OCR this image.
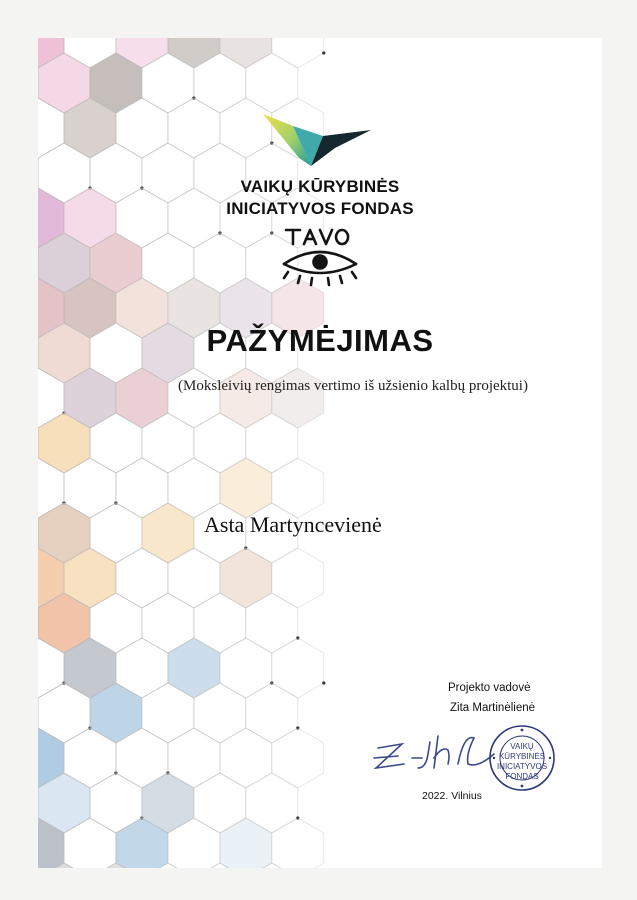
VAIKŲ KŪRYBINĖS
INICIATYVOS FONDAS
PAŽYMĖJIMAS
(Moksleivių rengimas vertimo iš užsienio kalbų projektui)
Asta Martyncevienė
Projekto vadovė
Zita Martinėlienė
VAIKŲ
KŪRYBINĖS
INICIATYVOS
FONDAS
2022. Vilnius
